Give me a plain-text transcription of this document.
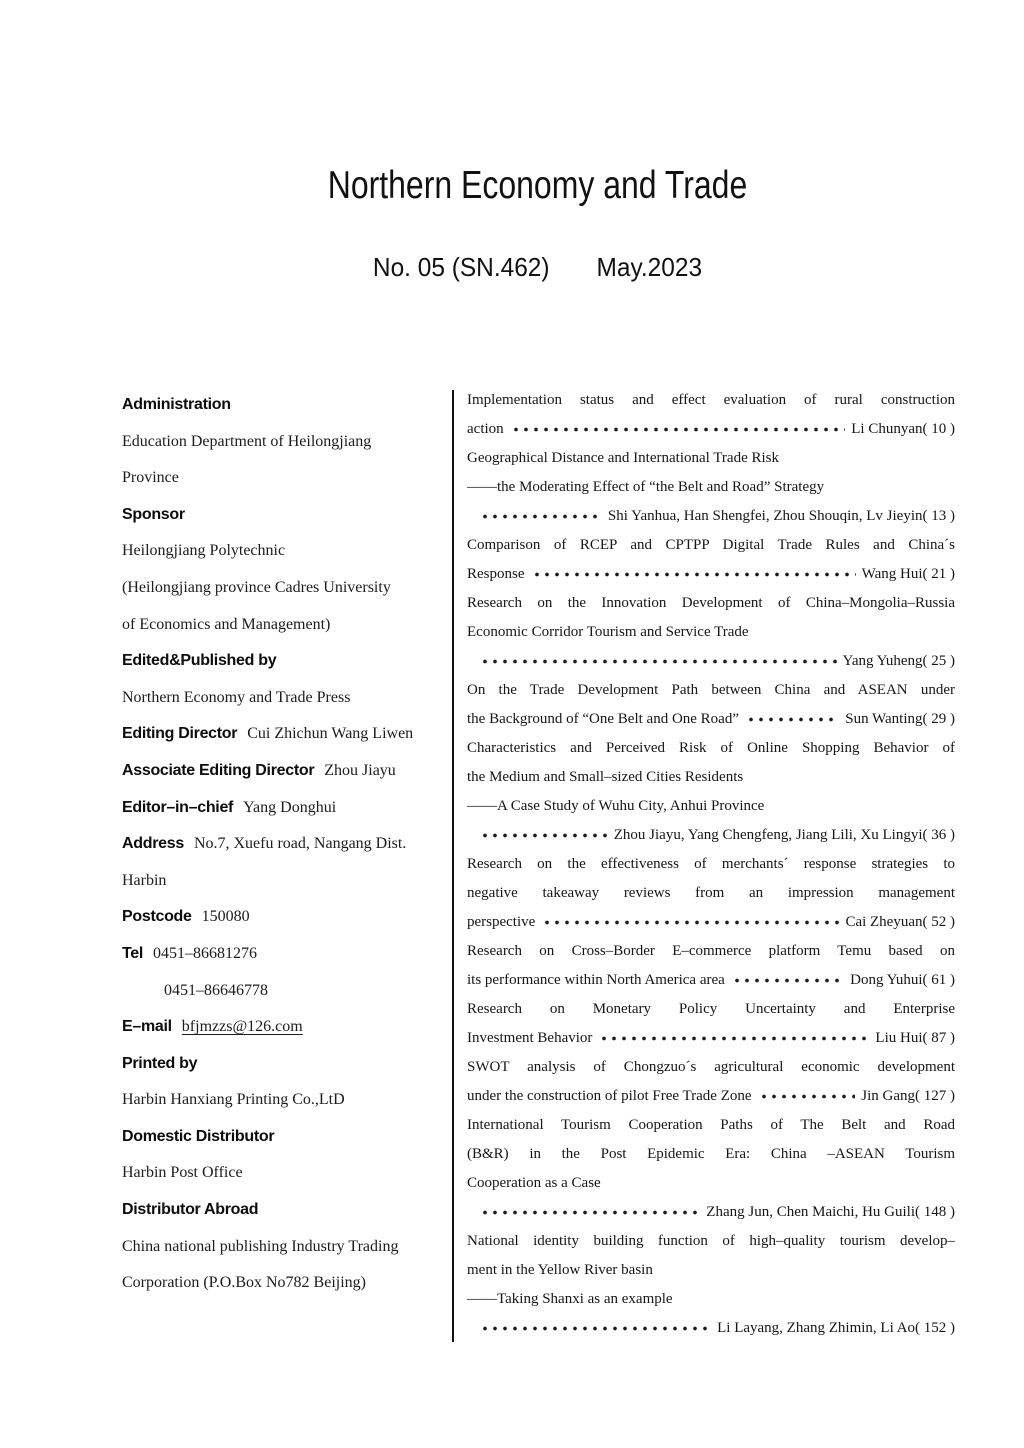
Northern Economy and Trade
No. 05 (SN.462) May.2023
Administration
Education Department of Heilongjiang
Province
Sponsor
Heilongjiang Polytechnic
(Heilongjiang province Cadres University
of Economics and Management)
Edited&Published by
Northern Economy and Trade Press
Editing Director Cui Zhichun Wang Liwen
Associate Editing Director Zhou Jiayu
Editor–in–chief Yang Donghui
Address No.7, Xuefu road, Nangang Dist.
Harbin
Postcode 150080
Tel 0451–86681276
0451–86646778
E–mail bfjmzzs@126.com
Printed by
Harbin Hanxiang Printing Co.,LtD
Domestic Distributor
Harbin Post Office
Distributor Abroad
China national publishing Industry Trading
Corporation (P.O.Box No782 Beijing)
Implementation status and effect evaluation of rural construction
action	Li Chunyan( 10 )
Geographical Distance and International Trade Risk
——the Moderating Effect of “the Belt and Road” Strategy
Shi Yanhua, Han Shengfei, Zhou Shouqin, Lv Jieyin( 13 )
Comparison of RCEP and CPTPP Digital Trade Rules and China´s
Response	Wang Hui( 21 )
Research on the Innovation Development of China–Mongolia–Russia
Economic Corridor Tourism and Service Trade
Yang Yuheng( 25 )
On the Trade Development Path between China and ASEAN under
the Background of “One Belt and One Road”	Sun Wanting( 29 )
Characteristics and Perceived Risk of Online Shopping Behavior of
the Medium and Small–sized Cities Residents
——A Case Study of Wuhu City, Anhui Province
Zhou Jiayu, Yang Chengfeng, Jiang Lili, Xu Lingyi( 36 )
Research on the effectiveness of merchants´ response strategies to
negative takeaway reviews from an impression management
perspective	Cai Zheyuan( 52 )
Research on Cross–Border E–commerce platform Temu based on
its performance within North America area	Dong Yuhui( 61 )
Research on Monetary Policy Uncertainty and Enterprise
Investment Behavior	Liu Hui( 87 )
SWOT analysis of Chongzuo´s agricultural economic development
under the construction of pilot Free Trade Zone	Jin Gang( 127 )
International Tourism Cooperation Paths of The Belt and Road
(B&R) in the Post Epidemic Era: China –ASEAN Tourism
Cooperation as a Case
Zhang Jun, Chen Maichi, Hu Guili( 148 )
National identity building function of high–quality tourism develop–
ment in the Yellow River basin
——Taking Shanxi as an example
Li Layang, Zhang Zhimin, Li Ao( 152 )
